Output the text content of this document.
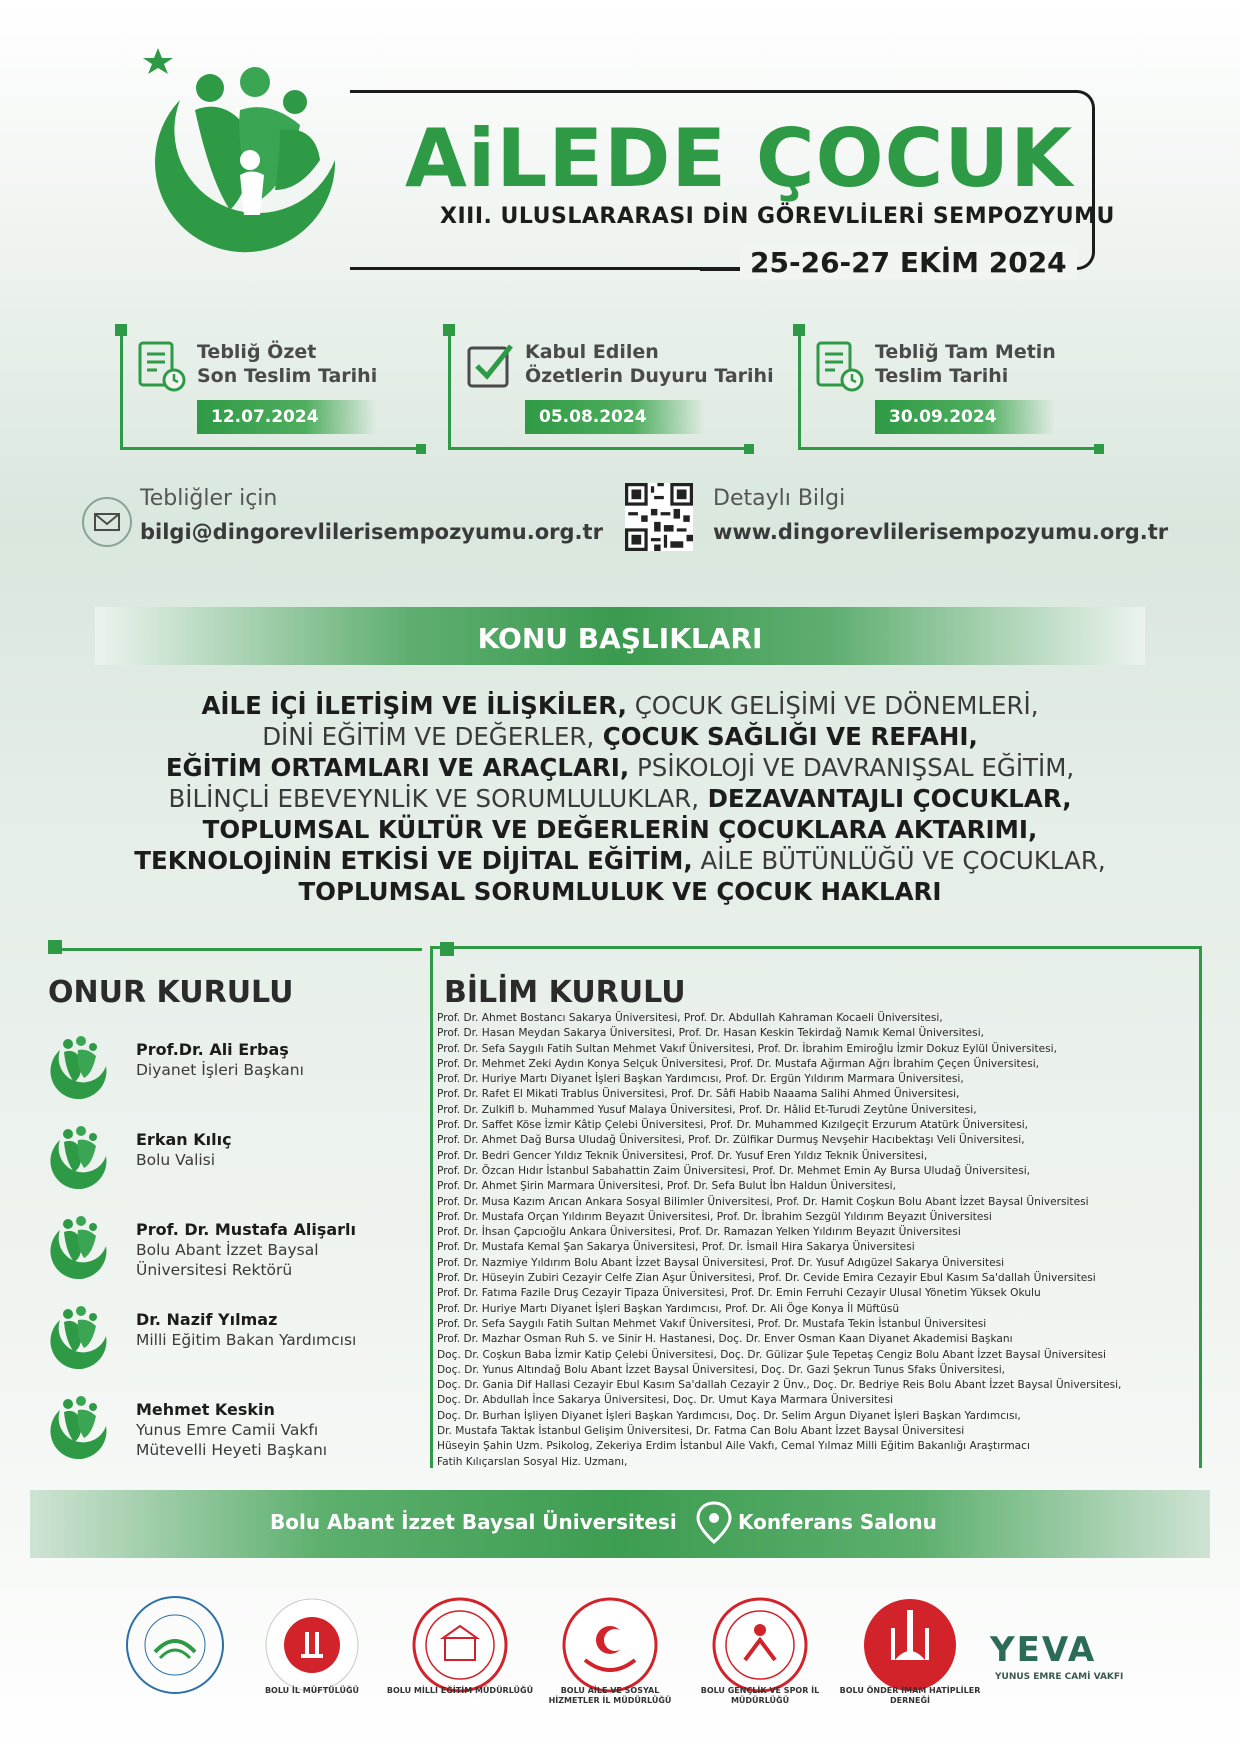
AiLEDE ÇOCUK
XIII. ULUSLARARASI DİN GÖREVLİLERİ SEMPOZYUMU
25-26-27 EKİM 2024
Tebliğ Özet
Son Teslim Tarihi
12.07.2024
Kabul Edilen
Özetlerin Duyuru Tarihi
05.08.2024
Tebliğ Tam Metin
Teslim Tarihi
30.09.2024
Tebliğler için
bilgi@dingorevlilerisempozyumu.org.tr
Detaylı Bilgi
www.dingorevlilerisempozyumu.org.tr
KONU BAŞLIKLARI
AİLE İÇİ İLETİŞİM VE İLİŞKİLER, ÇOCUK GELİŞİMİ VE DÖNEMLERİ,
DİNİ EĞİTİM VE DEĞERLER, ÇOCUK SAĞLIĞI VE REFAHI,
EĞİTİM ORTAMLARI VE ARAÇLARI, PSİKOLOJİ VE DAVRANIŞSAL EĞİTİM,
BİLİNÇLİ EBEVEYNLİK VE SORUMLULUKLAR, DEZAVANTAJLI ÇOCUKLAR,
TOPLUMSAL KÜLTÜR VE DEĞERLERİN ÇOCUKLARA AKTARIMI,
TEKNOLOJİNİN ETKİSİ VE DİJİTAL EĞİTİM, AİLE BÜTÜNLÜĞÜ VE ÇOCUKLAR,
TOPLUMSAL SORUMLULUK VE ÇOCUK HAKLARI
ONUR KURULU
Prof.Dr. Ali Erbaş
Diyanet İşleri Başkanı
Erkan Kılıç
Bolu Valisi
Prof. Dr. Mustafa Alişarlı
Bolu Abant İzzet Baysal Üniversitesi Rektörü
Dr. Nazif Yılmaz
Milli Eğitim Bakan Yardımcısı
Mehmet Keskin
Yunus Emre Camii Vakfı Mütevelli Heyeti Başkanı
BİLİM KURULU
Prof. Dr. Ahmet Bostancı Sakarya Üniversitesi, Prof. Dr. Abdullah Kahraman Kocaeli Üniversitesi,
Prof. Dr. Hasan Meydan Sakarya Üniversitesi, Prof. Dr. Hasan Keskin Tekirdağ Namık Kemal Üniversitesi,
Prof. Dr. Sefa Saygılı Fatih Sultan Mehmet Vakıf Üniversitesi, Prof. Dr. İbrahim Emiroğlu İzmir Dokuz Eylül Üniversitesi,
Prof. Dr. Mehmet Zeki Aydın Konya Selçuk Üniversitesi, Prof. Dr. Mustafa Ağırman Ağrı İbrahim Çeçen Üniversitesi,
Prof. Dr. Huriye Martı Diyanet İşleri Başkan Yardımcısı, Prof. Dr. Ergün Yıldırım Marmara Üniversitesi,
Prof. Dr. Rafet El Mikati Trablus Üniversitesi, Prof. Dr. Sâfi Habib Naaama Salihi Ahmed Üniversitesi,
Prof. Dr. Zulkifl b. Muhammed Yusuf Malaya Üniversitesi, Prof. Dr. Hâlid Et-Turudi Zeytûne Üniversitesi,
Prof. Dr. Saffet Köse İzmir Kâtip Çelebi Üniversitesi, Prof. Dr. Muhammed Kızılgeçit Erzurum Atatürk Üniversitesi,
Prof. Dr. Ahmet Dağ Bursa Uludağ Üniversitesi, Prof. Dr. Zülfikar Durmuş Nevşehir Hacıbektaşı Veli Üniversitesi,
Prof. Dr. Bedri Gencer Yıldız Teknik Üniversitesi, Prof. Dr. Yusuf Eren Yıldız Teknik Üniversitesi,
Prof. Dr. Özcan Hıdır İstanbul Sabahattin Zaim Üniversitesi, Prof. Dr. Mehmet Emin Ay Bursa Uludağ Üniversitesi,
Prof. Dr. Ahmet Şirin Marmara Üniversitesi, Prof. Dr. Sefa Bulut İbn Haldun Üniversitesi,
Prof. Dr. Musa Kazım Arıcan Ankara Sosyal Bilimler Üniversitesi, Prof. Dr. Hamit Coşkun Bolu Abant İzzet Baysal Üniversitesi
Prof. Dr. Mustafa Orçan Yıldırım Beyazıt Üniversitesi, Prof. Dr. İbrahim Sezgül Yıldırım Beyazıt Üniversitesi
Prof. Dr. İhsan Çapcıoğlu Ankara Üniversitesi, Prof. Dr. Ramazan Yelken Yıldırım Beyazıt Üniversitesi
Prof. Dr. Mustafa Kemal Şan Sakarya Üniversitesi, Prof. Dr. İsmail Hira Sakarya Üniversitesi
Prof. Dr. Nazmiye Yıldırım Bolu Abant İzzet Baysal Üniversitesi, Prof. Dr. Yusuf Adıgüzel Sakarya Üniversitesi
Prof. Dr. Hüseyin Zubiri Cezayir Celfe Zian Aşur Üniversitesi, Prof. Dr. Cevide Emira Cezayir Ebul Kasım Sa'dallah Üniversitesi
Prof. Dr. Fatıma Fazile Druş Cezayir Tipaza Üniversitesi, Prof. Dr. Emin Ferruhi Cezayir Ulusal Yönetim Yüksek Okulu
Prof. Dr. Huriye Martı Diyanet İşleri Başkan Yardımcısı, Prof. Dr. Ali Öge Konya İl Müftüsü
Prof. Dr. Sefa Saygılı Fatih Sultan Mehmet Vakıf Üniversitesi, Prof. Dr. Mustafa Tekin İstanbul Üniversitesi
Prof. Dr. Mazhar Osman Ruh S. ve Sinir H. Hastanesi, Doç. Dr. Enver Osman Kaan Diyanet Akademisi Başkanı
Doç. Dr. Coşkun Baba İzmir Katip Çelebi Üniversitesi, Doç. Dr. Gülizar Şule Tepetaş Cengiz Bolu Abant İzzet Baysal Üniversitesi
Doç. Dr. Yunus Altındağ Bolu Abant İzzet Baysal Üniversitesi, Doç. Dr. Gazi Şekrun Tunus Sfaks Üniversitesi,
Doç. Dr. Gania Dif Hallasi Cezayir Ebul Kasım Sa'dallah Cezayir 2 Ünv., Doç. Dr. Bedriye Reis Bolu Abant İzzet Baysal Üniversitesi,
Doç. Dr. Abdullah İnce Sakarya Üniversitesi, Doç. Dr. Umut Kaya Marmara Üniversitesi
Doç. Dr. Burhan İşliyen Diyanet İşleri Başkan Yardımcısı, Doç. Dr. Selim Argun Diyanet İşleri Başkan Yardımcısı,
Dr. Mustafa Taktak İstanbul Gelişim Üniversitesi, Dr. Fatma Can Bolu Abant İzzet Baysal Üniversitesi
Hüseyin Şahin Uzm. Psikolog, Zekeriya Erdim İstanbul Aile Vakfı, Cemal Yılmaz Milli Eğitim Bakanlığı Araştırmacı
Fatih Kılıçarslan Sosyal Hiz. Uzmanı,
Bolu Abant İzzet Baysal Üniversitesi	Konferans Salonu
BOLU İL MÜFTÜLÜĞÜ	BOLU MİLLİ EĞİTİM MÜDÜRLÜĞÜ	BOLU AİLE VE SOSYAL HİZMETLER İL MÜDÜRLÜĞÜ
BOLU GENÇLİK VE SPOR İL MÜDÜRLÜĞÜ
BOLU ÖNDER İMAM HATİPLİLER DERNEĞİ
YEVA
YUNUS EMRE CAMİ VAKFI
